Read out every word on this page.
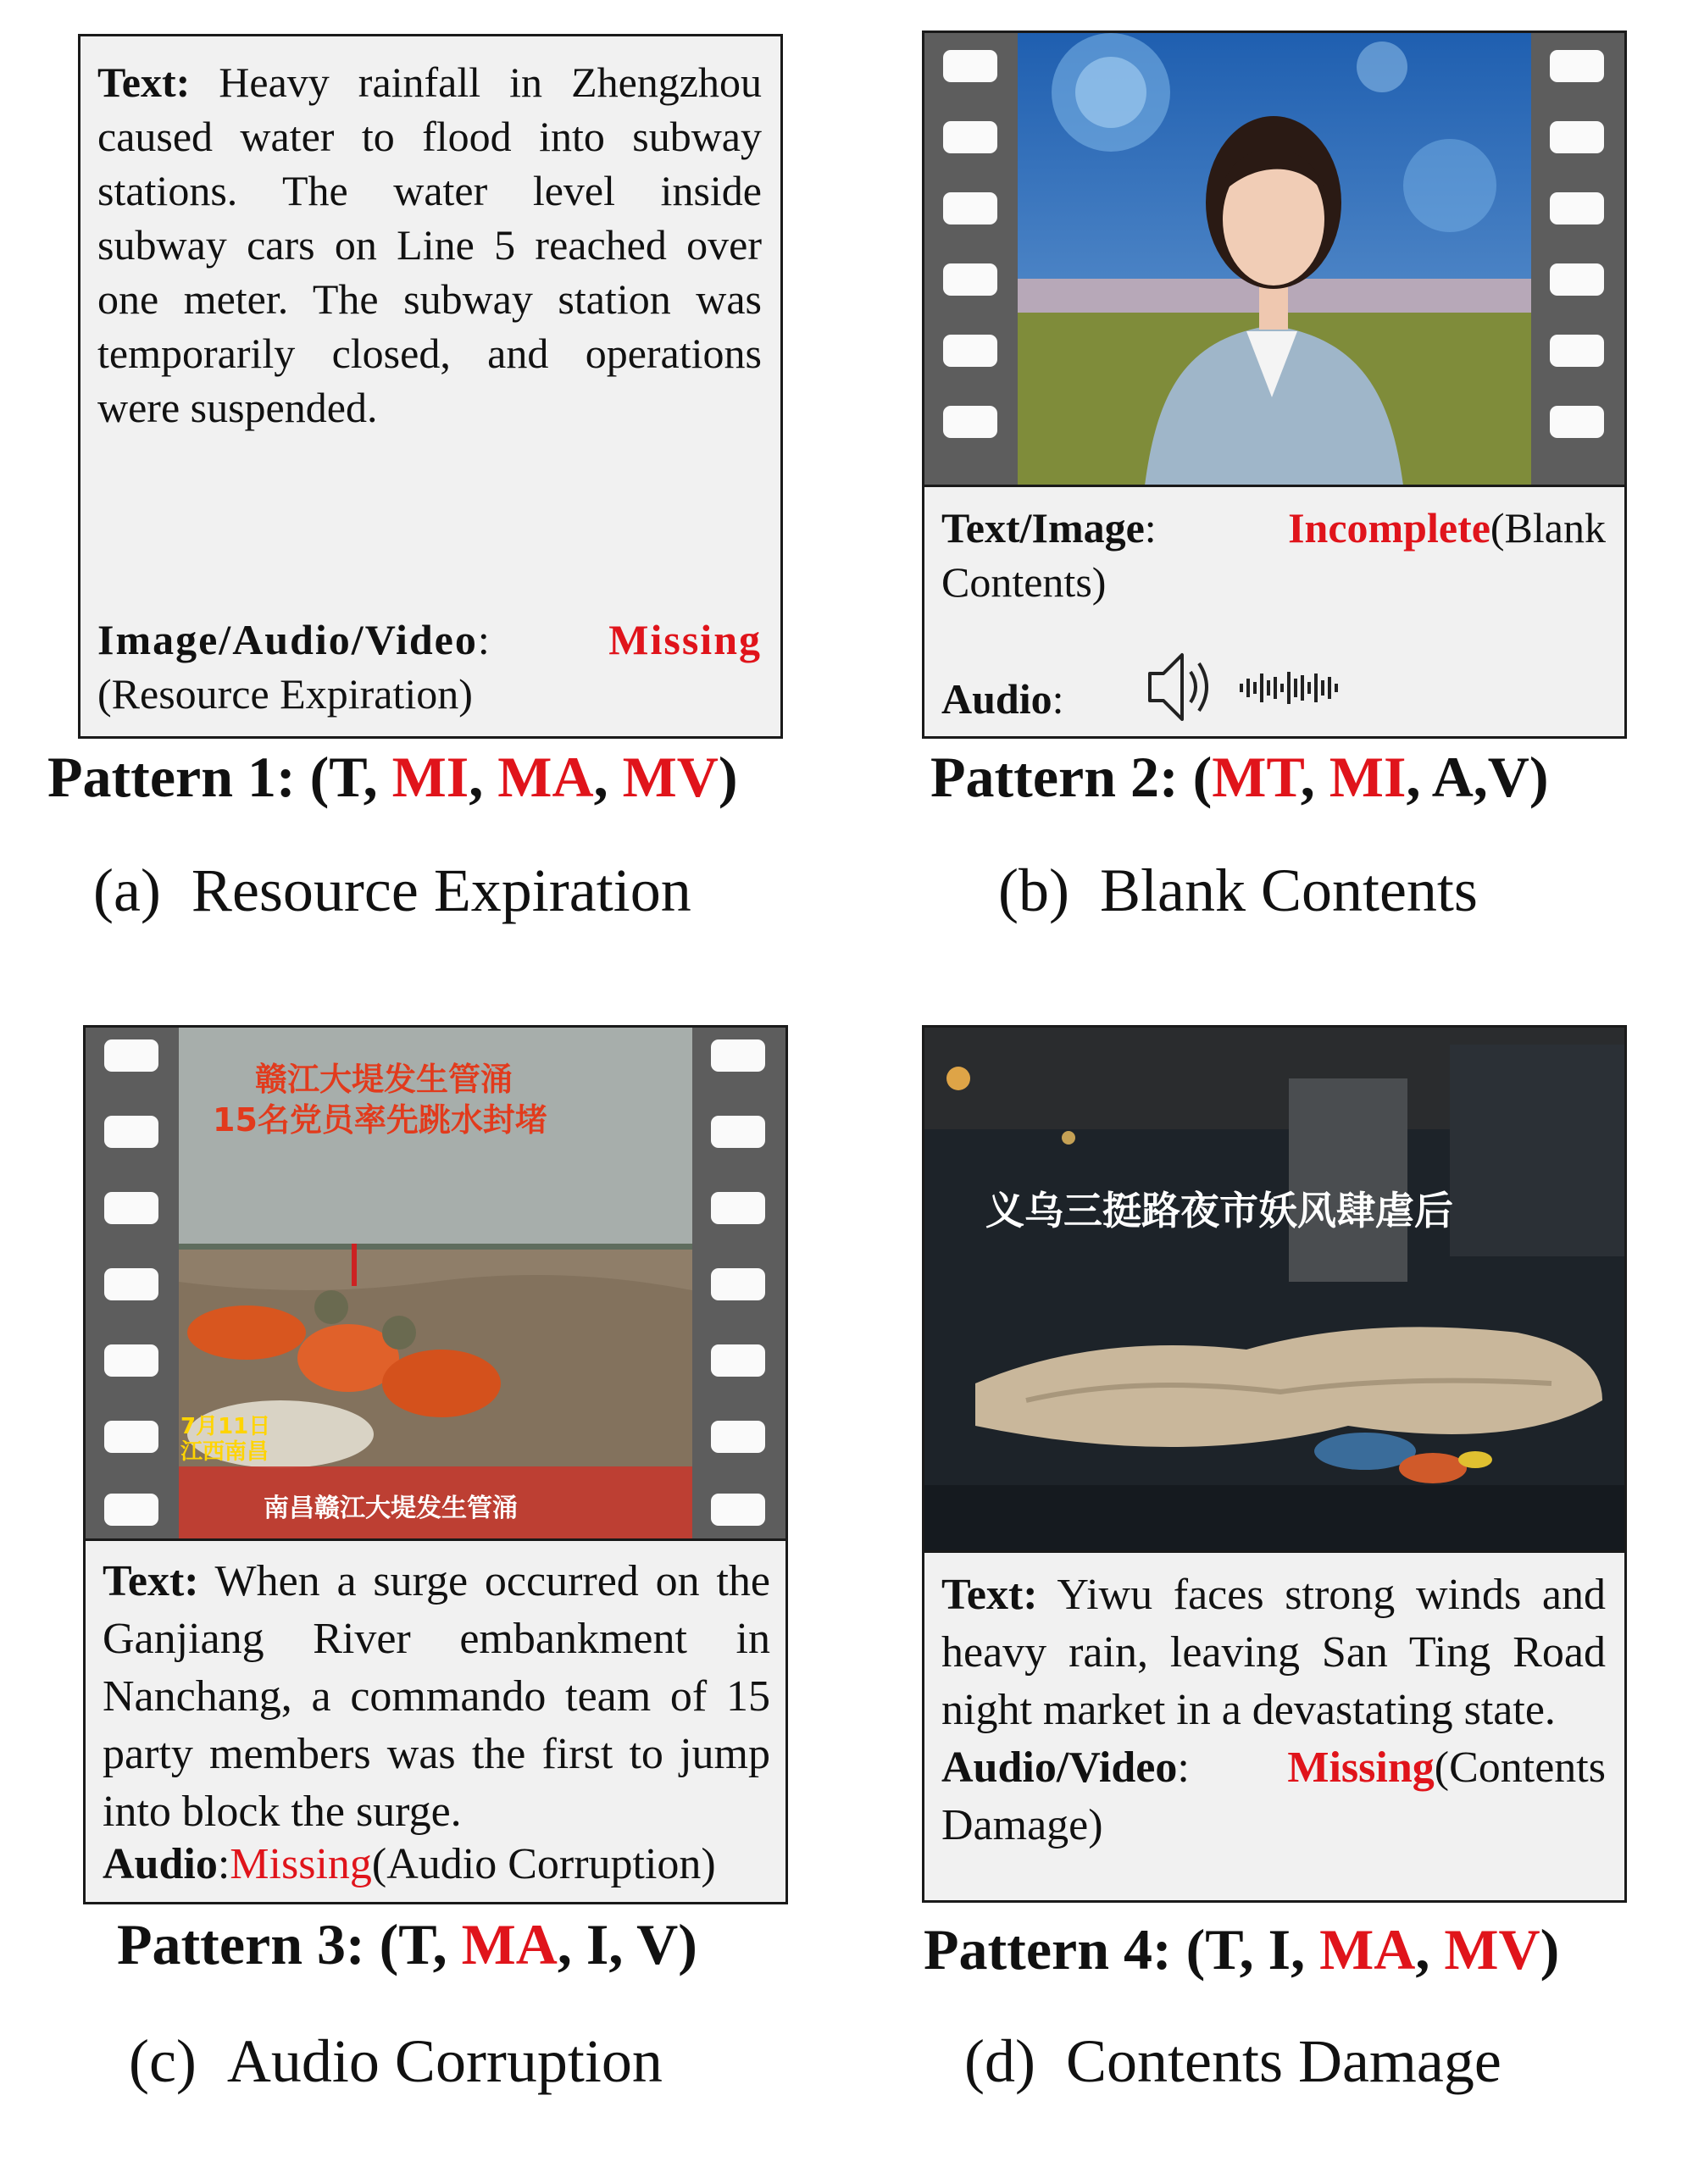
Text: Heavy rainfall in Zhengzhou caused water to flood into subway stations. The water level inside subway cars on Line 5 reached over one meter. The subway station was temporarily closed, and operations were suspended.
Image/Audio/Video:	Missing

(Resource Expiration)
Pattern 1: (T, MI, MA, MV)
(a) Resource Expiration
Text/Image:	Incomplete(Blank Contents)
Audio:
Pattern 2: (MT, MI, A,V)
(b) Blank Contents
赣江大堤发生管涌
15名党员率先跳水封堵
7月11日
江西南昌
南昌赣江大堤发生管涌
Text: When a surge occurred on the Ganjiang River embankment in Nanchang, a commando team of 15 party members was the first to jump into block the surge.
Audio:Missing(Audio Corruption)
Pattern 3: (T, MA, I, V)
(c) Audio Corruption
义乌三挺路夜市妖风肆虐后
Text: Yiwu faces strong winds and heavy rain, leaving San Ting Road night market in a devastating state.
Audio/Video: Missing(Contents Damage)
Pattern 4: (T, I, MA, MV)
(d) Contents Damage
